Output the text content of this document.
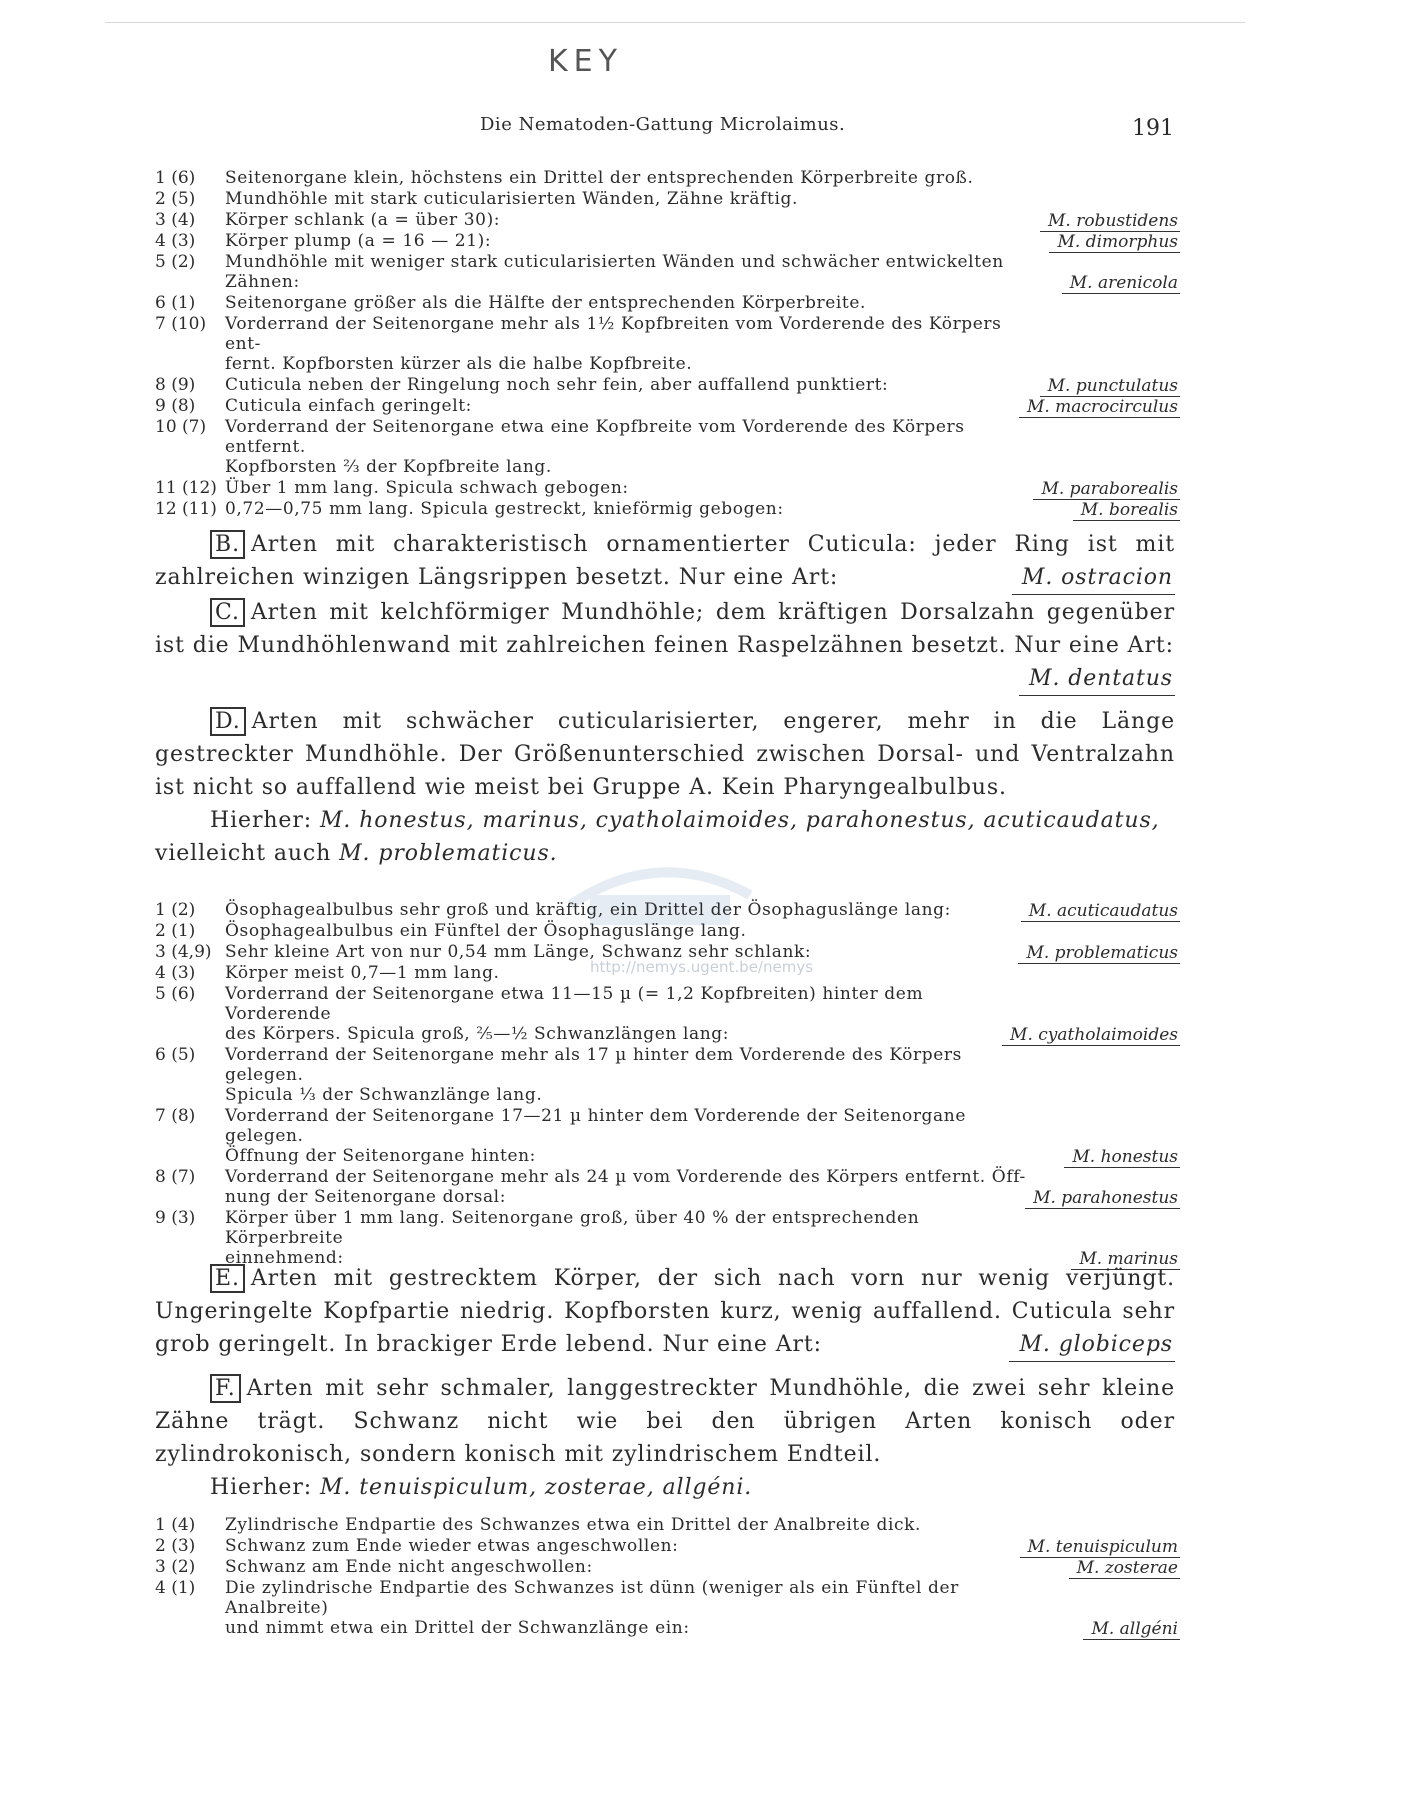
KEY
Die Nematoden-Gattung Microlaimus.	191
1 (6)	Seitenorgane klein, höchstens ein Drittel der entsprechenden Körperbreite groß.
2 (5)	Mundhöhle mit stark cuticularisierten Wänden, Zähne kräftig.
3 (4)	Körper schlank (a = über 30):	M. robustidens
4 (3)	Körper plump (a = 16 — 21):	M. dimorphus
5 (2)	Mundhöhle mit weniger stark cuticularisierten Wänden und schwächer entwickelten
Zähnen:	M. arenicola
6 (1)	Seitenorgane größer als die Hälfte der entsprechenden Körperbreite.
7 (10)	Vorderrand der Seitenorgane mehr als 1½ Kopfbreiten vom Vorderende des Körpers ent-
fernt. Kopfborsten kürzer als die halbe Kopfbreite.
8 (9)	Cuticula neben der Ringelung noch sehr fein, aber auffallend punktiert:	M. punctulatus
9 (8)	Cuticula einfach geringelt:	M. macrocirculus
10 (7)	Vorderrand der Seitenorgane etwa eine Kopfbreite vom Vorderende des Körpers entfernt.
Kopfborsten ⅔ der Kopfbreite lang.
11 (12) Über 1 mm lang. Spicula schwach gebogen:	M. paraborealis
12 (11) 0,72—0,75 mm lang. Spicula gestreckt, knieförmig gebogen:	M. borealis
B. Arten mit charakteristisch ornamentierter Cuticula: jeder Ring ist mit zahlreichen winzigen Längsrippen besetzt. Nur eine Art:	M. ostracion
C. Arten mit kelchförmiger Mundhöhle; dem kräftigen Dorsalzahn gegenüber ist die Mundhöhlenwand mit zahlreichen feinen Raspelzähnen besetzt. Nur eine Art:
M. dentatus
D. Arten mit schwächer cuticularisierter, engerer, mehr in die Länge gestreckter Mundhöhle. Der Größenunterschied zwischen Dorsal- und Ventralzahn ist nicht so auffallend wie meist bei Gruppe A. Kein Pharyngealbulbus.
Hierher: M. honestus, marinus, cyatholaimoides, parahonestus, acuticaudatus,
vielleicht auch M. problematicus.
1 (2)	Ösophagealbulbus sehr groß und kräftig, ein Drittel der Ösophaguslänge lang:	M. acuticaudatus
2 (1)	Ösophagealbulbus ein Fünftel der Ösophaguslänge lang.
3 (4,9) Sehr kleine Art von nur 0,54 mm Länge, Schwanz sehr schlank:	M. problematicus
4 (3)	Körper meist 0,7—1 mm lang.
5 (6)	Vorderrand der Seitenorgane etwa 11—15 µ (= 1,2 Kopfbreiten) hinter dem Vorderende
des Körpers. Spicula groß, ⅖—½ Schwanzlängen lang:	M. cyatholaimoides
6 (5)	Vorderrand der Seitenorgane mehr als 17 µ hinter dem Vorderende des Körpers gelegen.
Spicula ⅓ der Schwanzlänge lang.
7 (8)	Vorderrand der Seitenorgane 17—21 µ hinter dem Vorderende der Seitenorgane gelegen.
Öffnung der Seitenorgane hinten:	M. honestus
8 (7)	Vorderrand der Seitenorgane mehr als 24 µ vom Vorderende des Körpers entfernt. Öff-
nung der Seitenorgane dorsal:	M. parahonestus
9 (3)	Körper über 1 mm lang. Seitenorgane groß, über 40 % der entsprechenden Körperbreite
einnehmend:	M. marinus
E. Arten mit gestrecktem Körper, der sich nach vorn nur wenig verjüngt. Ungeringelte Kopfpartie niedrig. Kopfborsten kurz, wenig auffallend. Cuticula sehr grob geringelt. In brackiger Erde lebend. Nur eine Art:	M. globiceps
F. Arten mit sehr schmaler, langgestreckter Mundhöhle, die zwei sehr kleine Zähne trägt. Schwanz nicht wie bei den übrigen Arten konisch oder zylindrokonisch, sondern konisch mit zylindrischem Endteil.
Hierher: M. tenuispiculum, zosterae, allgéni.
1 (4)	Zylindrische Endpartie des Schwanzes etwa ein Drittel der Analbreite dick.
2 (3)	Schwanz zum Ende wieder etwas angeschwollen:	M. tenuispiculum
3 (2)	Schwanz am Ende nicht angeschwollen:	M. zosterae
4 (1)	Die zylindrische Endpartie des Schwanzes ist dünn (weniger als ein Fünftel der Analbreite)
und nimmt etwa ein Drittel der Schwanzlänge ein:	M. allgéni
http://nemys.ugent.be/nemys
